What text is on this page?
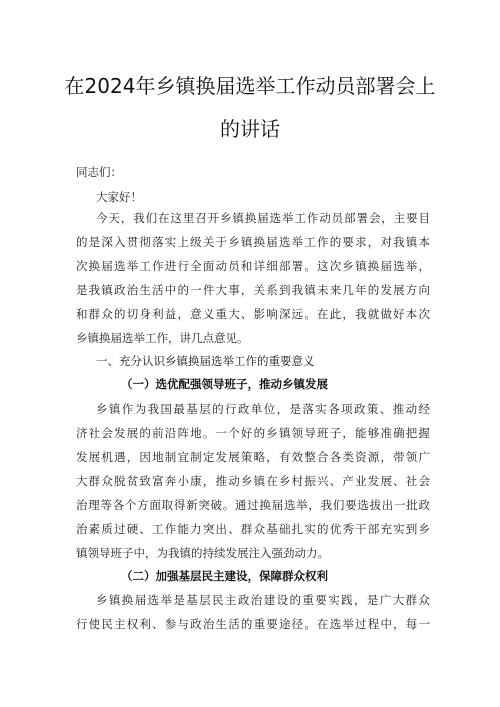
在2024年乡镇换届选举工作动员部署会上
的讲话
同志们：
大家好！
今天，我们在这里召开乡镇换届选举工作动员部署会，主要目
的是深入贯彻落实上级关于乡镇换届选举工作的要求，对我镇本
次换届选举工作进行全面动员和详细部署。这次乡镇换届选举，
是我镇政治生活中的一件大事，关系到我镇未来几年的发展方向
和群众的切身利益，意义重大、影响深远。在此，我就做好本次
乡镇换届选举工作，讲几点意见。
一、充分认识乡镇换届选举工作的重要意义
（一）选优配强领导班子，推动乡镇发展
乡镇作为我国最基层的行政单位，是落实各项政策、推动经
济社会发展的前沿阵地。一个好的乡镇领导班子，能够准确把握
发展机遇，因地制宜制定发展策略，有效整合各类资源，带领广
大群众脱贫致富奔小康，推动乡镇在乡村振兴、产业发展、社会
治理等各个方面取得新突破。通过换届选举，我们要选拔出一批政
治素质过硬、工作能力突出、群众基础扎实的优秀干部充实到乡
镇领导班子中，为我镇的持续发展注入强劲动力。
（二）加强基层民主建设，保障群众权利
乡镇换届选举是基层民主政治建设的重要实践，是广大群众
行使民主权利、参与政治生活的重要途径。在选举过程中，每一
